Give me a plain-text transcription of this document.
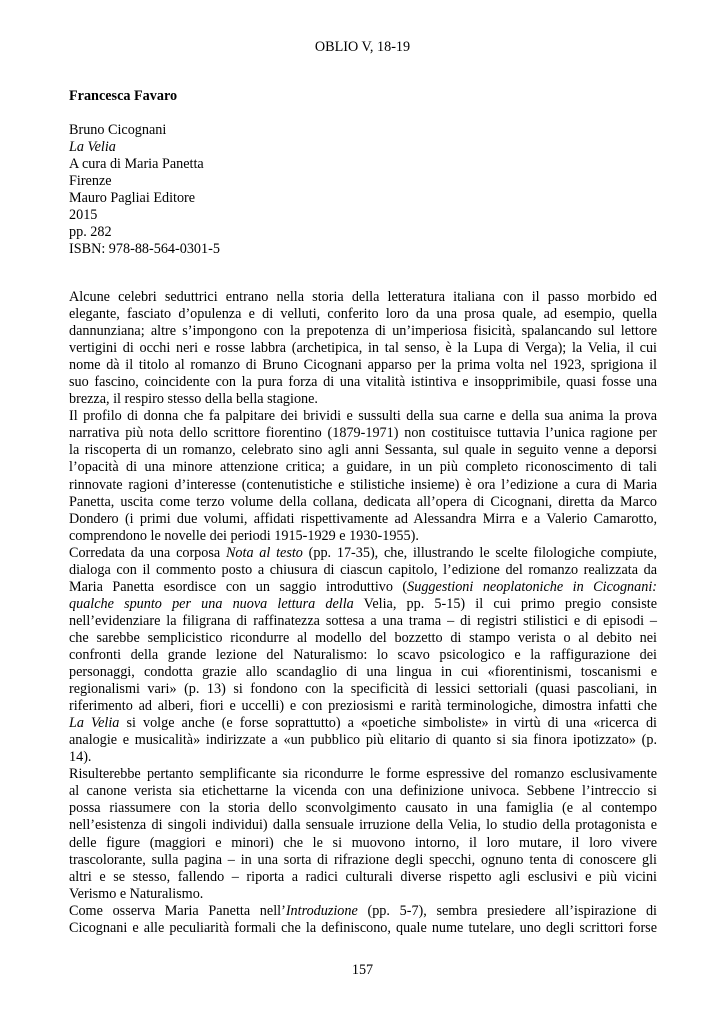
OBLIO V, 18-19
Francesca Favaro
Bruno Cicognani
La Velia
A cura di Maria Panetta
Firenze
Mauro Pagliai Editore
2015
pp. 282
ISBN: 978-88-564-0301-5
Alcune celebri seduttrici entrano nella storia della letteratura italiana con il passo morbido ed
elegante, fasciato d’opulenza e di velluti, conferito loro da una prosa quale, ad esempio, quella
dannunziana; altre s’impongono con la prepotenza di un’imperiosa fisicità, spalancando sul lettore
vertigini di occhi neri e rosse labbra (archetipica, in tal senso, è la Lupa di Verga); la Velia, il cui
nome dà il titolo al romanzo di Bruno Cicognani apparso per la prima volta nel 1923, sprigiona il
suo fascino, coincidente con la pura forza di una vitalità istintiva e insopprimibile, quasi fosse una
brezza, il respiro stesso della bella stagione.
Il profilo di donna che fa palpitare dei brividi e sussulti della sua carne e della sua anima la prova
narrativa più nota dello scrittore fiorentino (1879-1971) non costituisce tuttavia l’unica ragione per
la riscoperta di un romanzo, celebrato sino agli anni Sessanta, sul quale in seguito venne a deporsi
l’opacità di una minore attenzione critica; a guidare, in un più completo riconoscimento di tali
rinnovate ragioni d’interesse (contenutistiche e stilistiche insieme) è ora l’edizione a cura di Maria
Panetta, uscita come terzo volume della collana, dedicata all’opera di Cicognani, diretta da Marco
Dondero (i primi due volumi, affidati rispettivamente ad Alessandra Mirra e a Valerio Camarotto,
comprendono le novelle dei periodi 1915-1929 e 1930-1955).
Corredata da una corposa Nota al testo (pp. 17-35), che, illustrando le scelte filologiche compiute,
dialoga con il commento posto a chiusura di ciascun capitolo, l’edizione del romanzo realizzata da
Maria Panetta esordisce con un saggio introduttivo (Suggestioni neoplatoniche in Cicognani:
qualche spunto per una nuova lettura della Velia, pp. 5-15) il cui primo pregio consiste
nell’evidenziare la filigrana di raffinatezza sottesa a una trama – di registri stilistici e di episodi –
che sarebbe semplicistico ricondurre al modello del bozzetto di stampo verista o al debito nei
confronti della grande lezione del Naturalismo: lo scavo psicologico e la raffigurazione dei
personaggi, condotta grazie allo scandaglio di una lingua in cui «fiorentinismi, toscanismi e
regionalismi vari» (p. 13) si fondono con la specificità di lessici settoriali (quasi pascoliani, in
riferimento ad alberi, fiori e uccelli) e con preziosismi e rarità terminologiche, dimostra infatti che
La Velia si volge anche (e forse soprattutto) a «poetiche simboliste» in virtù di una «ricerca di
analogie e musicalità» indirizzate a «un pubblico più elitario di quanto si sia finora ipotizzato» (p.
14).
Risulterebbe pertanto semplificante sia ricondurre le forme espressive del romanzo esclusivamente
al canone verista sia etichettarne la vicenda con una definizione univoca. Sebbene l’intreccio si
possa riassumere con la storia dello sconvolgimento causato in una famiglia (e al contempo
nell’esistenza di singoli individui) dalla sensuale irruzione della Velia, lo studio della protagonista e
delle figure (maggiori e minori) che le si muovono intorno, il loro mutare, il loro vivere
trascolorante, sulla pagina – in una sorta di rifrazione degli specchi, ognuno tenta di conoscere gli
altri e se stesso, fallendo – riporta a radici culturali diverse rispetto agli esclusivi e più vicini
Verismo e Naturalismo.
Come osserva Maria Panetta nell’Introduzione (pp. 5-7), sembra presiedere all’ispirazione di
Cicognani e alle peculiarità formali che la definiscono, quale nume tutelare, uno degli scrittori forse
157
